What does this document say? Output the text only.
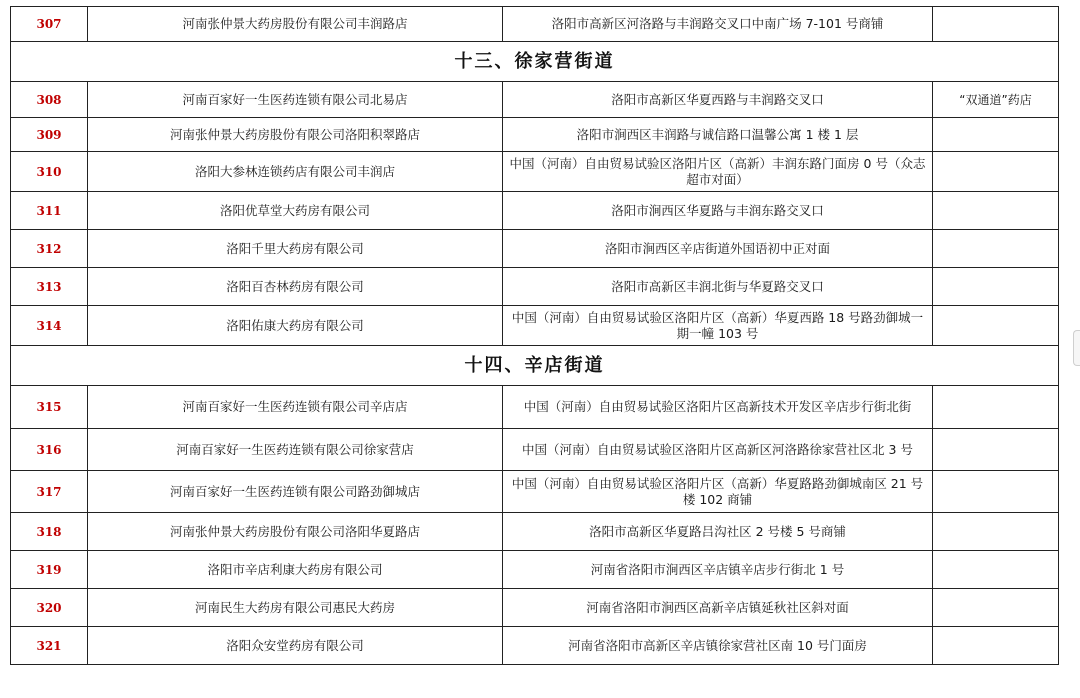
307	河南张仲景大药房股份有限公司丰润路店	洛阳市高新区河洛路与丰润路交叉口中南广场 7-101 号商铺	
十三、徐家营街道			
308	河南百家好一生医药连锁有限公司北易店	洛阳市高新区华夏西路与丰润路交叉口	“双通道”药店
309	河南张仲景大药房股份有限公司洛阳积翠路店	洛阳市涧西区丰润路与诚信路口温馨公寓 1 楼 1 层	
310	洛阳大参林连锁药店有限公司丰润店	中国（河南）自由贸易试验区洛阳片区（高新）丰润东路门面房 0 号（众志超市对面）	
311	洛阳优草堂大药房有限公司	洛阳市涧西区华夏路与丰润东路交叉口	
312	洛阳千里大药房有限公司	洛阳市涧西区辛店街道外国语初中正对面	
313	洛阳百杏林药房有限公司	洛阳市高新区丰润北街与华夏路交叉口	
314	洛阳佑康大药房有限公司	中国（河南）自由贸易试验区洛阳片区（高新）华夏西路 18 号路劲御城一期一幢 103 号	
十四、辛店街道			
315	河南百家好一生医药连锁有限公司辛店店	中国（河南）自由贸易试验区洛阳片区高新技术开发区辛店步行街北街	
316	河南百家好一生医药连锁有限公司徐家营店	中国（河南）自由贸易试验区洛阳片区高新区河洛路徐家营社区北 3 号	
317	河南百家好一生医药连锁有限公司路劲御城店	中国（河南）自由贸易试验区洛阳片区（高新）华夏路路劲御城南区 21 号楼 102 商铺	
318	河南张仲景大药房股份有限公司洛阳华夏路店	洛阳市高新区华夏路吕沟社区 2 号楼 5 号商铺	
319	洛阳市辛店利康大药房有限公司	河南省洛阳市涧西区辛店镇辛店步行街北 1 号	
320	河南民生大药房有限公司惠民大药房	河南省洛阳市涧西区高新辛店镇延秋社区斜对面	
321	洛阳众安堂药房有限公司	河南省洛阳市高新区辛店镇徐家营社区南 10 号门面房	
